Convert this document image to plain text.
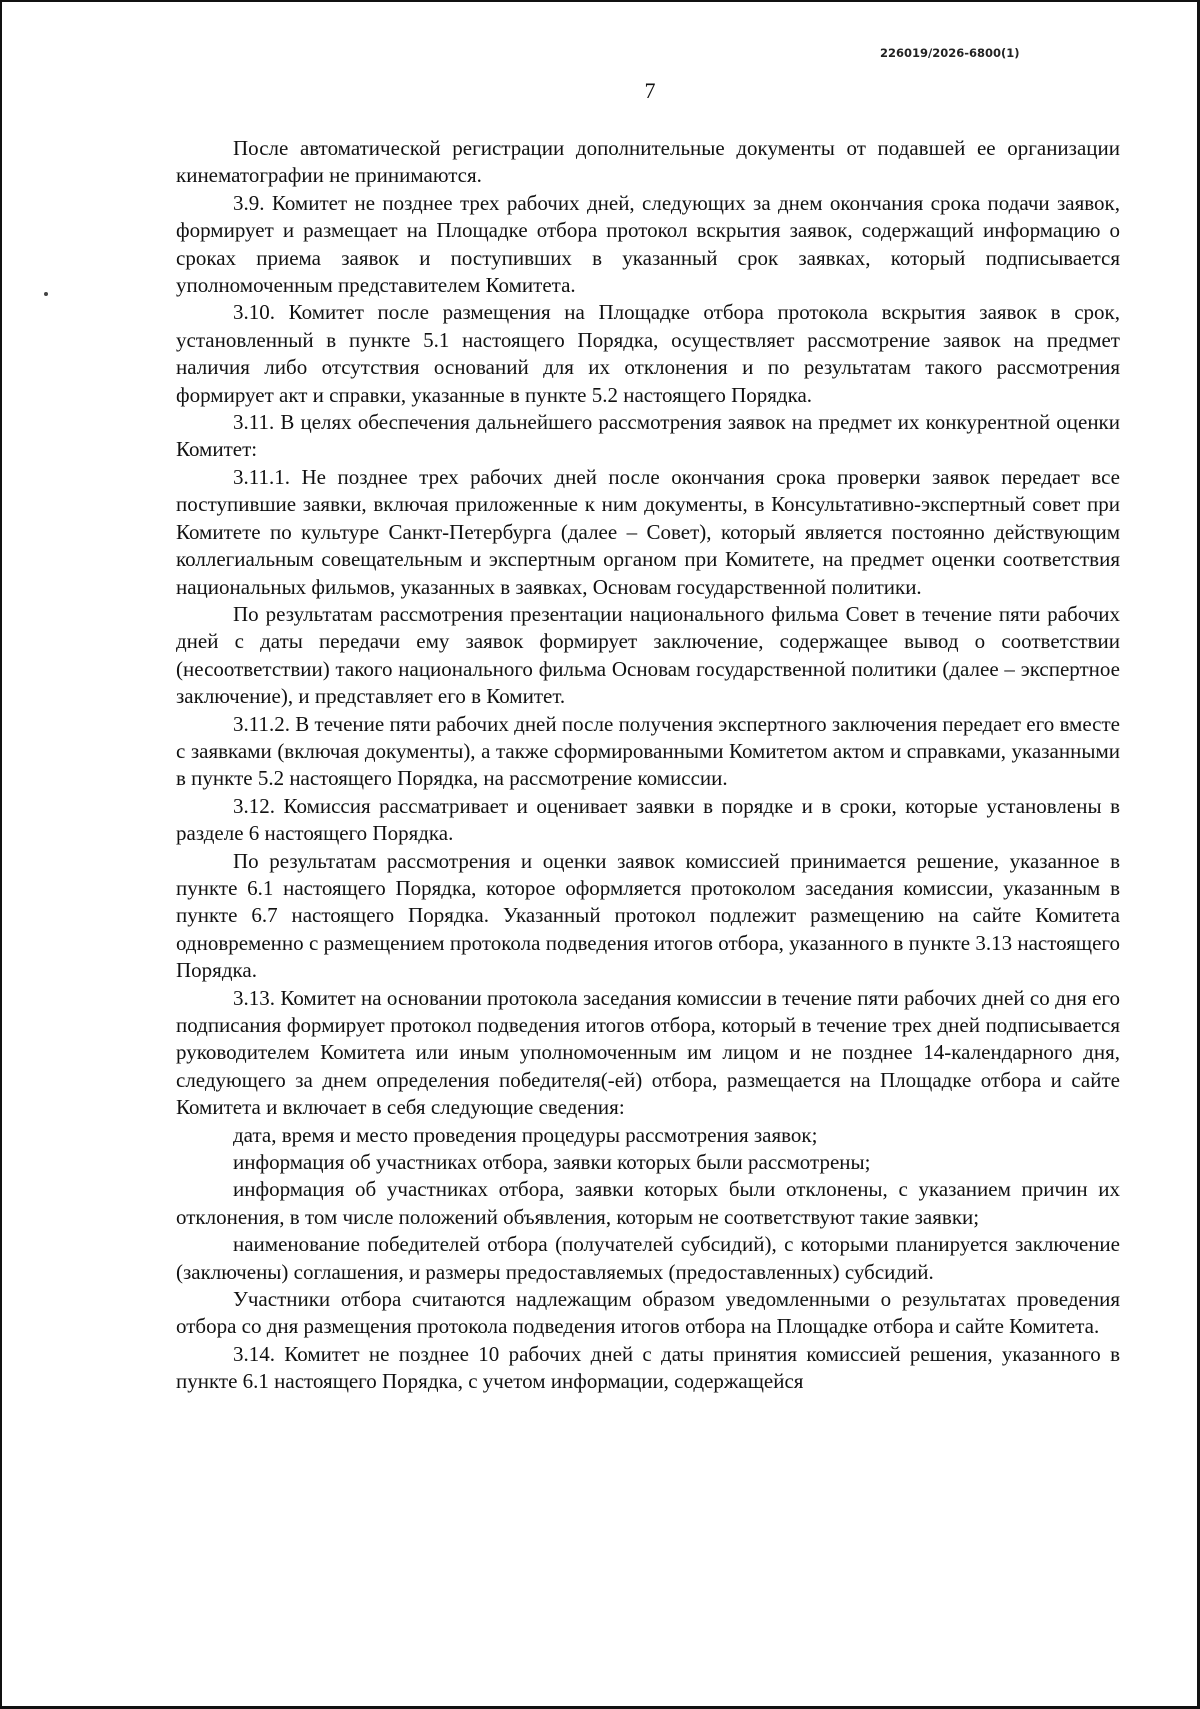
226019/2026-6800(1)
7

После автоматической регистрации дополнительные документы от подавшей ее организации кинематографии не принимаются.

3.9. Комитет не позднее трех рабочих дней, следующих за днем окончания срока подачи заявок, формирует и размещает на Площадке отбора протокол вскрытия заявок, содержащий информацию о сроках приема заявок и поступивших в указанный срок заявках, который подписывается уполномоченным представителем Комитета.

3.10. Комитет после размещения на Площадке отбора протокола вскрытия заявок в срок, установленный в пункте 5.1 настоящего Порядка, осуществляет рассмотрение заявок на предмет наличия либо отсутствия оснований для их отклонения и по результатам такого рассмотрения формирует акт и справки, указанные в пункте 5.2 настоящего Порядка.

3.11. В целях обеспечения дальнейшего рассмотрения заявок на предмет их конкурентной оценки Комитет:

3.11.1. Не позднее трех рабочих дней после окончания срока проверки заявок передает все поступившие заявки, включая приложенные к ним документы, в Консультативно-экспертный совет при Комитете по культуре Санкт-Петербурга (далее – Совет), который является постоянно действующим коллегиальным совещательным и экспертным органом при Комитете, на предмет оценки соответствия национальных фильмов, указанных в заявках, Основам государственной политики.

По результатам рассмотрения презентации национального фильма Совет в течение пяти рабочих дней с даты передачи ему заявок формирует заключение, содержащее вывод о соответствии (несоответствии) такого национального фильма Основам государственной политики (далее – экспертное заключение), и представляет его в Комитет.

3.11.2. В течение пяти рабочих дней после получения экспертного заключения передает его вместе с заявками (включая документы), а также сформированными Комитетом актом и справками, указанными в пункте 5.2 настоящего Порядка, на рассмотрение комиссии.

3.12. Комиссия рассматривает и оценивает заявки в порядке и в сроки, которые установлены в разделе 6 настоящего Порядка.

По результатам рассмотрения и оценки заявок комиссией принимается решение, указанное в пункте 6.1 настоящего Порядка, которое оформляется протоколом заседания комиссии, указанным в пункте 6.7 настоящего Порядка. Указанный протокол подлежит размещению на сайте Комитета одновременно с размещением протокола подведения итогов отбора, указанного в пункте 3.13 настоящего Порядка.

3.13. Комитет на основании протокола заседания комиссии в течение пяти рабочих дней со дня его подписания формирует протокол подведения итогов отбора, который в течение трех дней подписывается руководителем Комитета или иным уполномоченным им лицом и не позднее 14-календарного дня, следующего за днем определения победителя(-ей) отбора, размещается на Площадке отбора и сайте Комитета и включает в себя следующие сведения:

дата, время и место проведения процедуры рассмотрения заявок;

информация об участниках отбора, заявки которых были рассмотрены;

информация об участниках отбора, заявки которых были отклонены, с указанием причин их отклонения, в том числе положений объявления, которым не соответствуют такие заявки;

наименование победителей отбора (получателей субсидий), с которыми планируется заключение (заключены) соглашения, и размеры предоставляемых (предоставленных) субсидий.

Участники отбора считаются надлежащим образом уведомленными о результатах проведения отбора со дня размещения протокола подведения итогов отбора на Площадке отбора и сайте Комитета.

3.14. Комитет не позднее 10 рабочих дней с даты принятия комиссией решения, указанного в пункте 6.1 настоящего Порядка, с учетом информации, содержащейся
